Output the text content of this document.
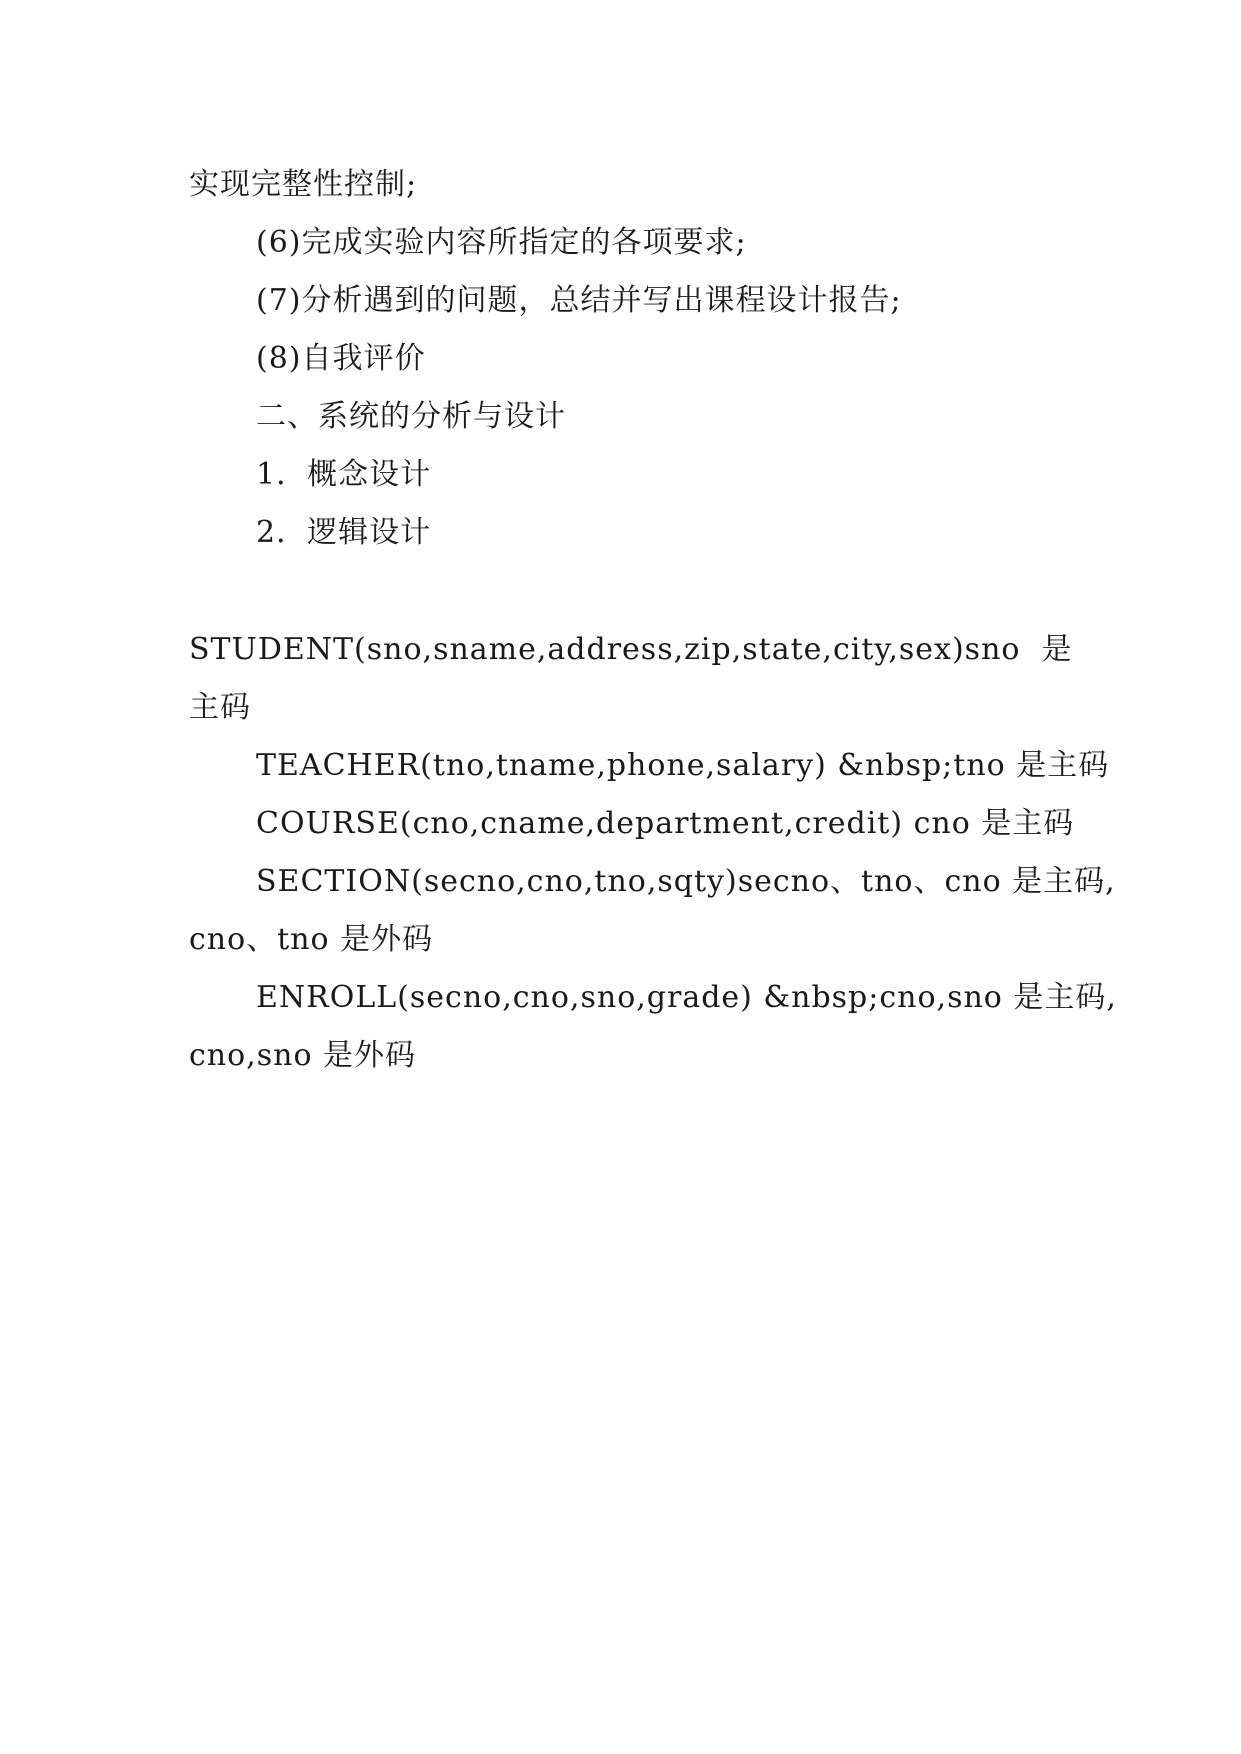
实现完整性控制;
(6)完成实验内容所指定的各项要求;
(7)分析遇到的问题，总结并写出课程设计报告;
(8)自我评价
二、系统的分析与设计
1．概念设计
2．逻辑设计
STUDENT(sno,sname,address,zip,state,city,sex)sno  是
主码
TEACHER(tno,tname,phone,salary) &nbsp;tno 是主码
COURSE(cno,cname,department,credit) cno 是主码
SECTION(secno,cno,tno,sqty)secno、tno、cno 是主码,
cno、tno 是外码
ENROLL(secno,cno,sno,grade) &nbsp;cno,sno 是主码,
cno,sno 是外码
